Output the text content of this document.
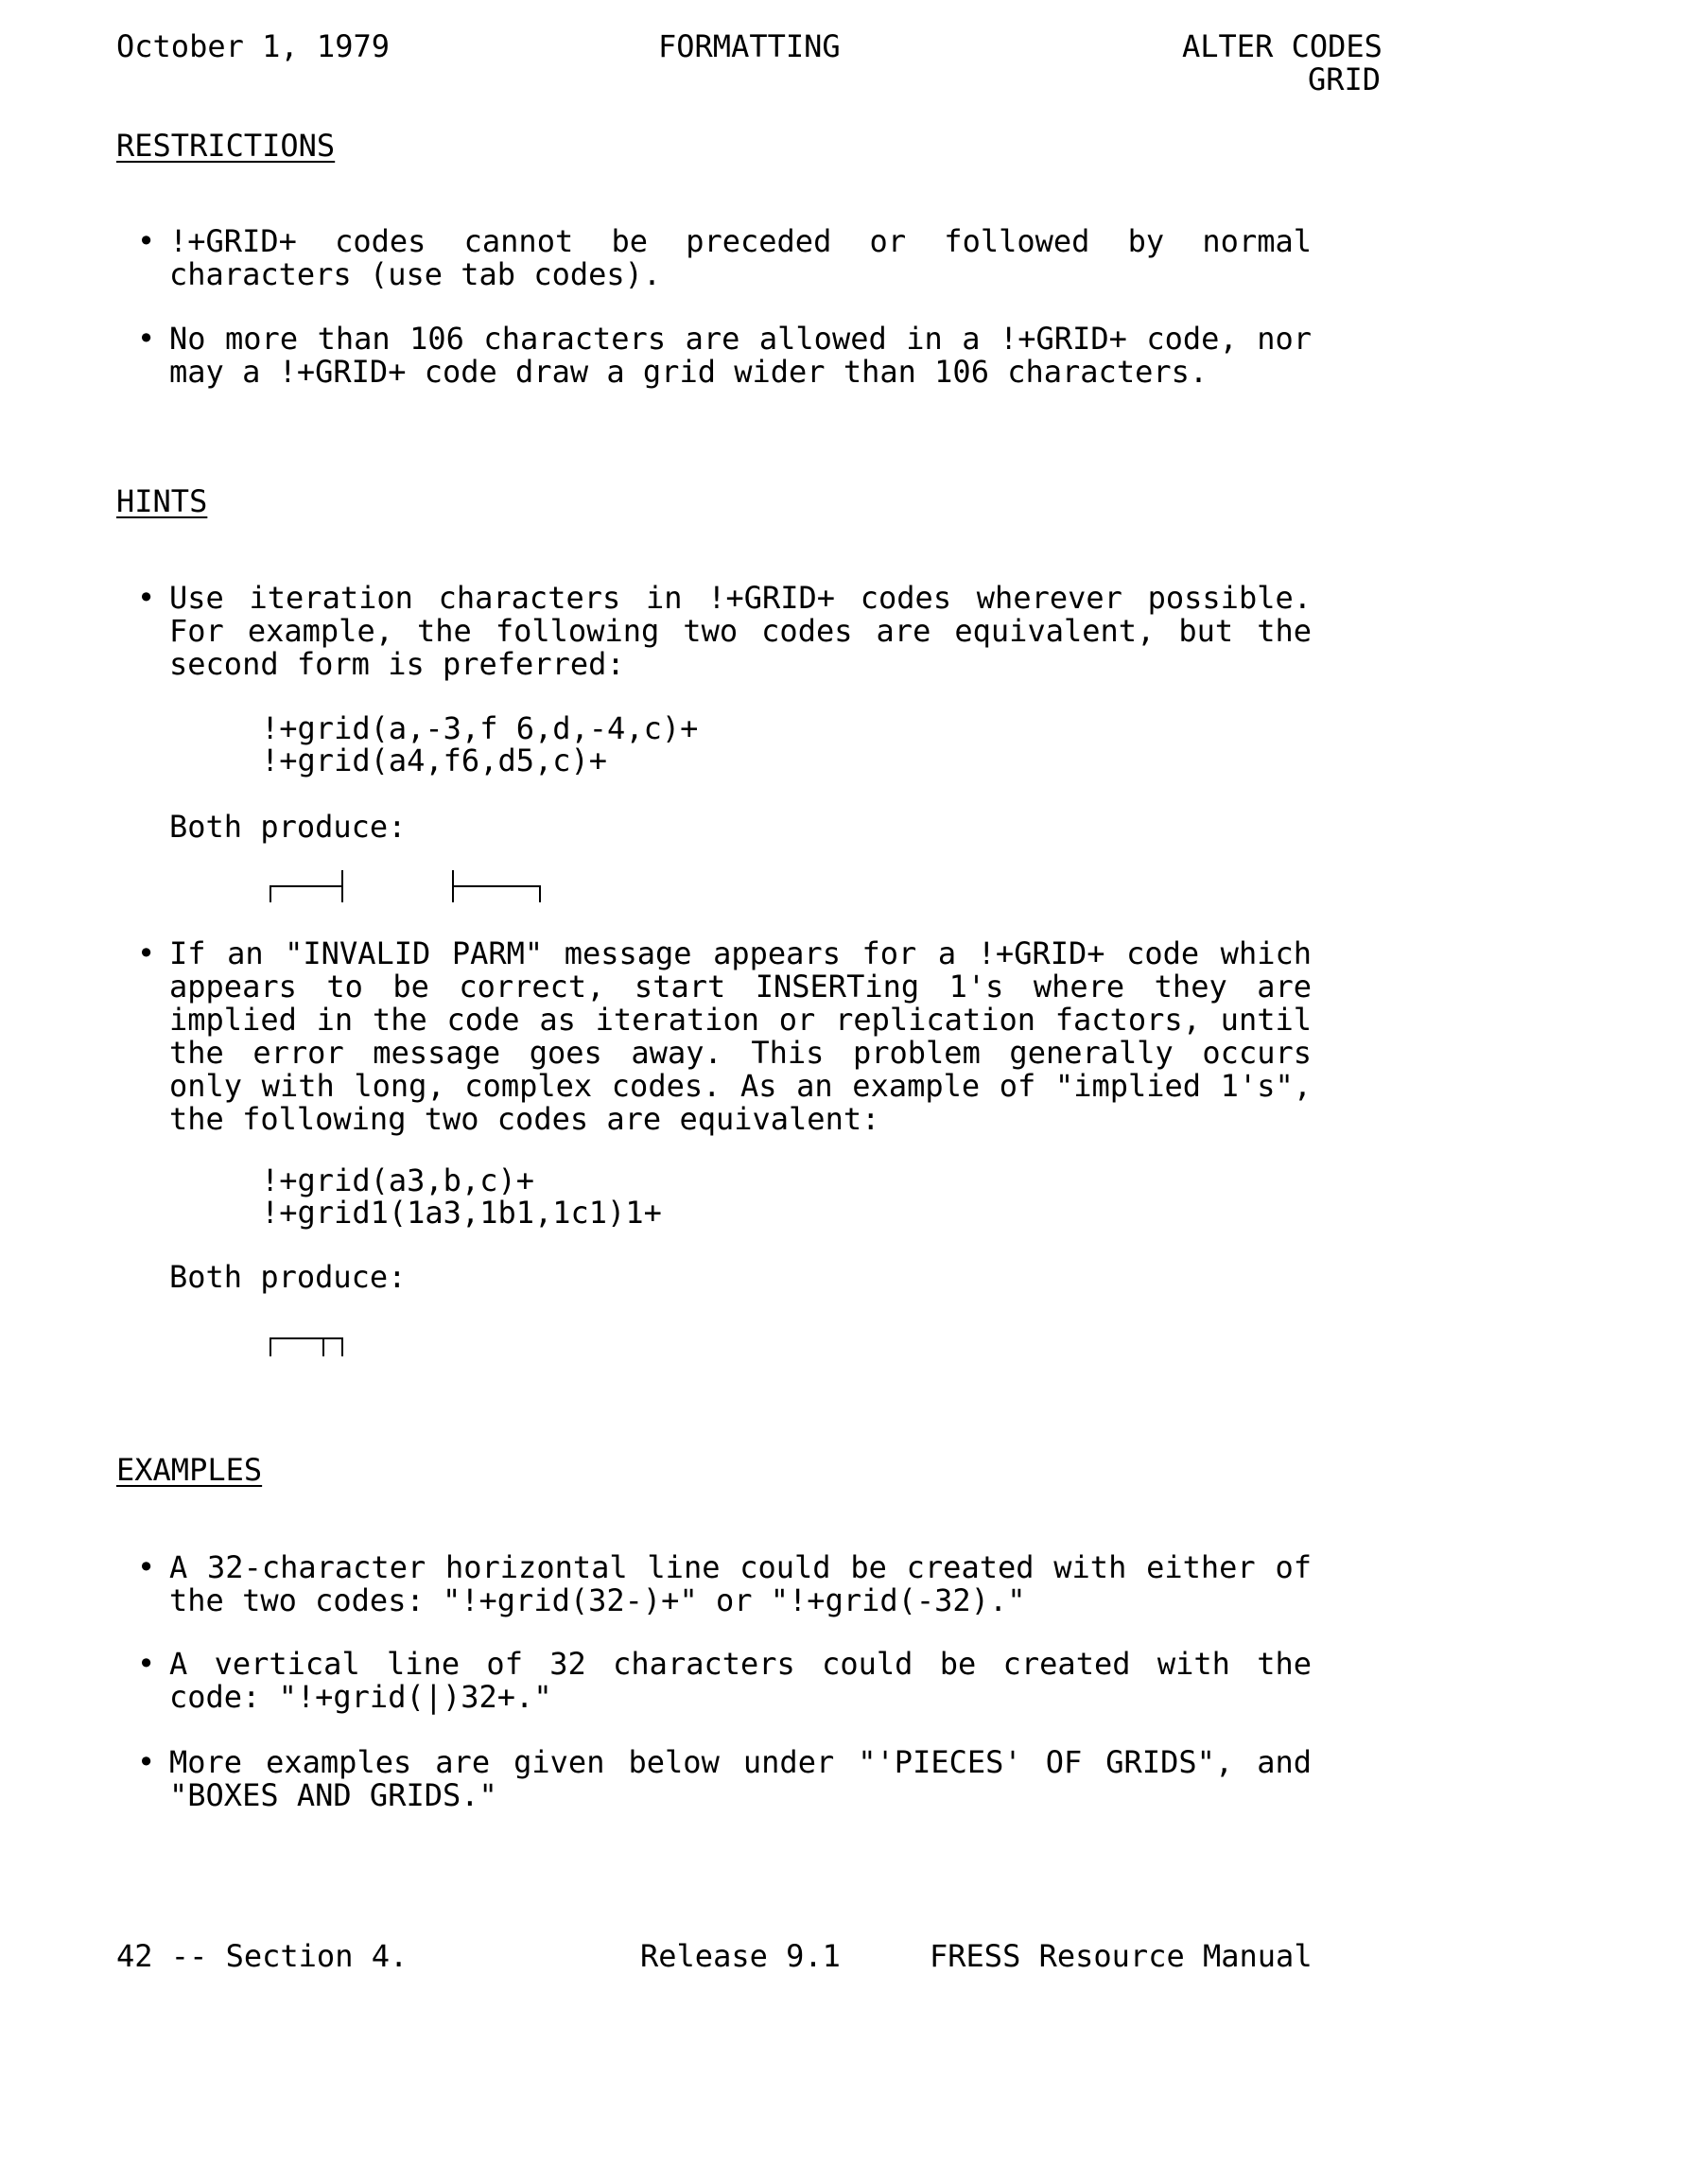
October 1, 1979	FORMATTING	ALTER CODES
GRID
RESTRICTIONS
• !+GRID+ codes cannot be preceded or followed by normal characters (use tab codes).
• No more than 106 characters are allowed in a !+GRID+ code, nor may a !+GRID+ code draw a grid wider than 106 characters.
HINTS
• Use iteration characters in !+GRID+ codes wherever possible. For example, the following two codes are equivalent, but the second form is preferred:
!+grid(a,-3,f 6,d,-4,c)+
!+grid(a4,f6,d5,c)+
Both produce:
• If an "INVALID PARM" message appears for a !+GRID+ code which appears to be correct, start INSERTing 1's where they are implied in the code as iteration or replication factors, until the error message goes away. This problem generally occurs only with long, complex codes. As an example of "implied 1's", the following two codes are equivalent:
!+grid(a3,b,c)+
!+grid1(1a3,1b1,1c1)1+
Both produce:
EXAMPLES
• A 32-character horizontal line could be created with either of the two codes: "!+grid(32-)+" or "!+grid(-32)."
• A vertical line of 32 characters could be created with the code: "!+grid(|)32+."
• More examples are given below under "'PIECES' OF GRIDS", and "BOXES AND GRIDS."
42 -- Section 4.	Release 9.1	FRESS Resource Manual
